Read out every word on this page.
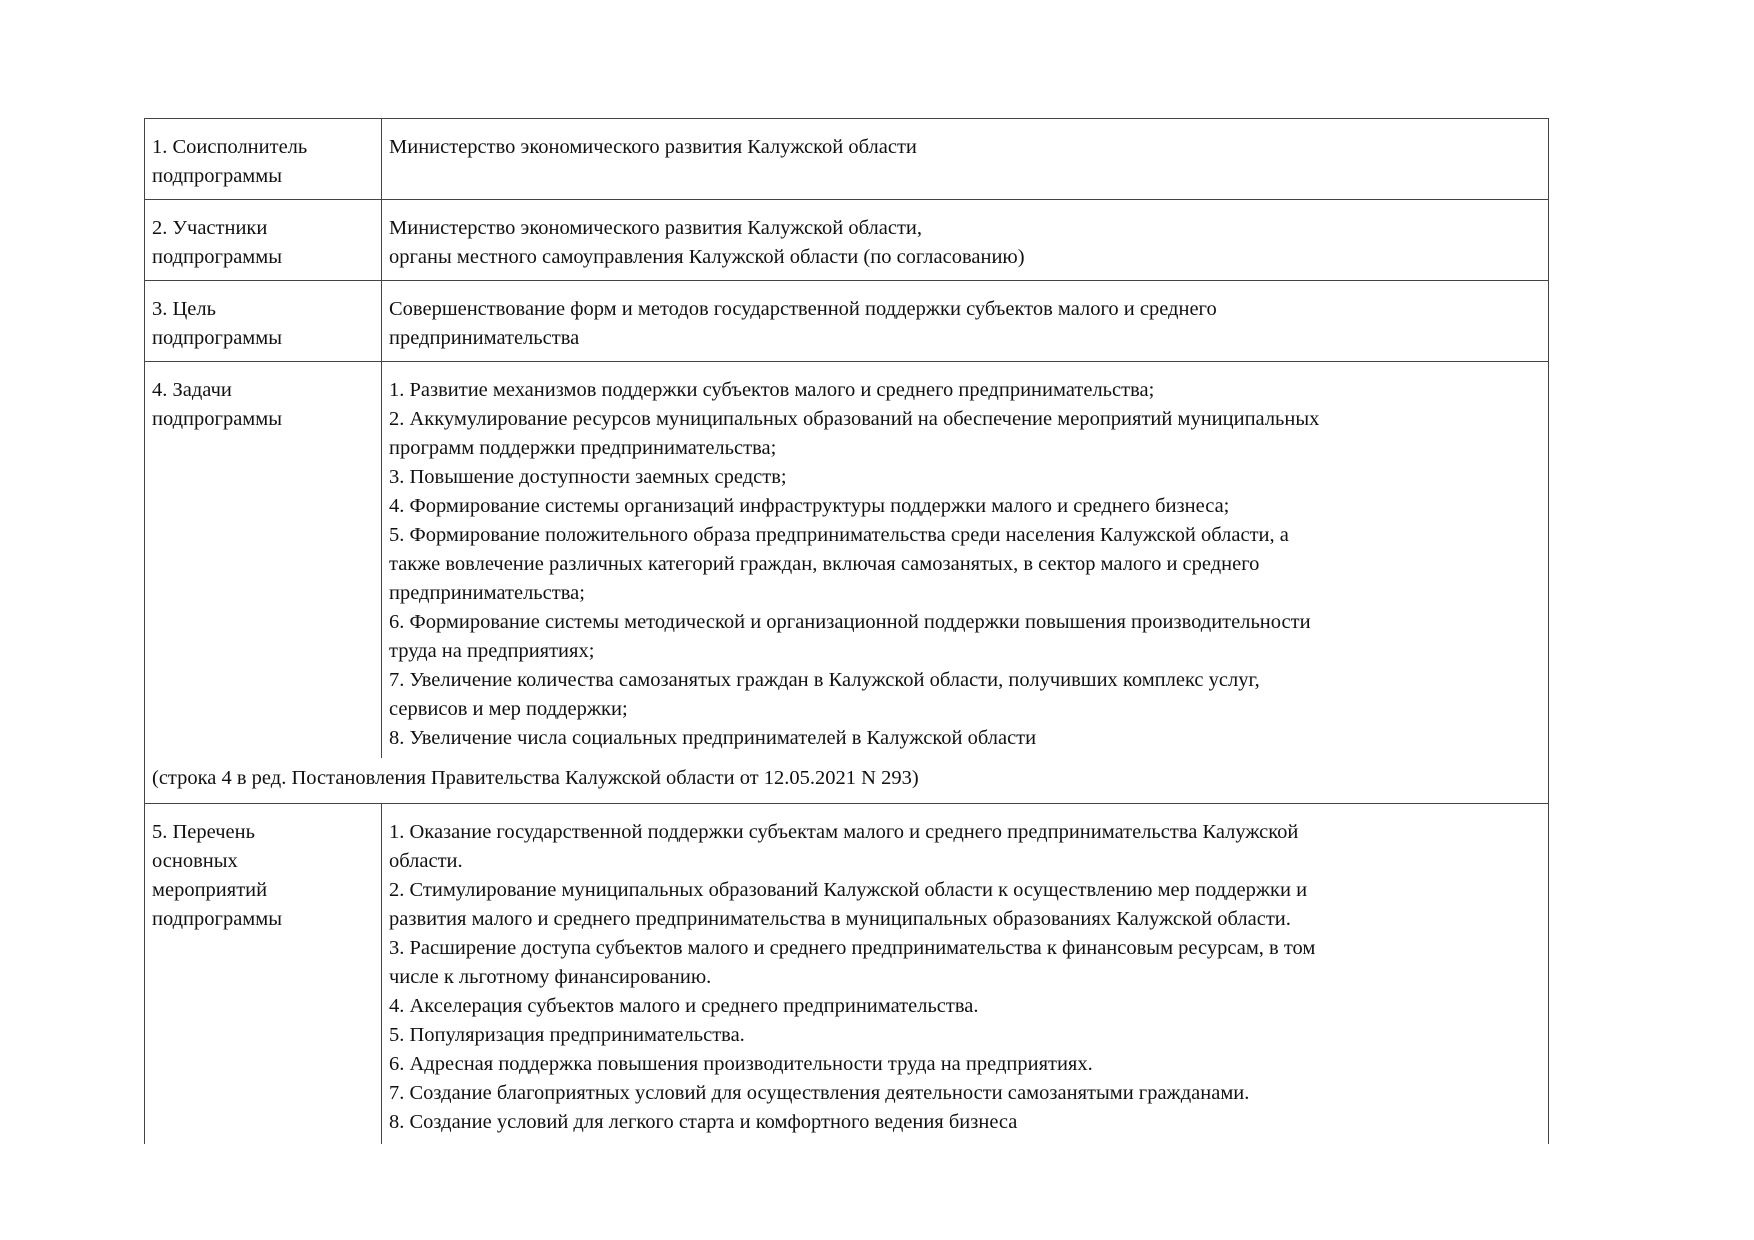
1. Соисполнитель
подпрограммы
Министерство экономического развития Калужской области
2. Участники
подпрограммы
Министерство экономического развития Калужской области,
органы местного самоуправления Калужской области (по согласованию)
3. Цель
подпрограммы
Совершенствование форм и методов государственной поддержки субъектов малого и среднего
предпринимательства
4. Задачи
подпрограммы
1. Развитие механизмов поддержки субъектов малого и среднего предпринимательства;
2. Аккумулирование ресурсов муниципальных образований на обеспечение мероприятий муниципальных
программ поддержки предпринимательства;
3. Повышение доступности заемных средств;
4. Формирование системы организаций инфраструктуры поддержки малого и среднего бизнеса;
5. Формирование положительного образа предпринимательства среди населения Калужской области, а
также вовлечение различных категорий граждан, включая самозанятых, в сектор малого и среднего
предпринимательства;
6. Формирование системы методической и организационной поддержки повышения производительности
труда на предприятиях;
7. Увеличение количества самозанятых граждан в Калужской области, получивших комплекс услуг,
сервисов и мер поддержки;
8. Увеличение числа социальных предпринимателей в Калужской области
(строка 4 в ред. Постановления Правительства Калужской области от 12.05.2021 N 293)
5. Перечень
основных
мероприятий
подпрограммы
1. Оказание государственной поддержки субъектам малого и среднего предпринимательства Калужской
области.
2. Стимулирование муниципальных образований Калужской области к осуществлению мер поддержки и
развития малого и среднего предпринимательства в муниципальных образованиях Калужской области.
3. Расширение доступа субъектов малого и среднего предпринимательства к финансовым ресурсам, в том
числе к льготному финансированию.
4. Акселерация субъектов малого и среднего предпринимательства.
5. Популяризация предпринимательства.
6. Адресная поддержка повышения производительности труда на предприятиях.
7. Создание благоприятных условий для осуществления деятельности самозанятыми гражданами.
8. Создание условий для легкого старта и комфортного ведения бизнеса
